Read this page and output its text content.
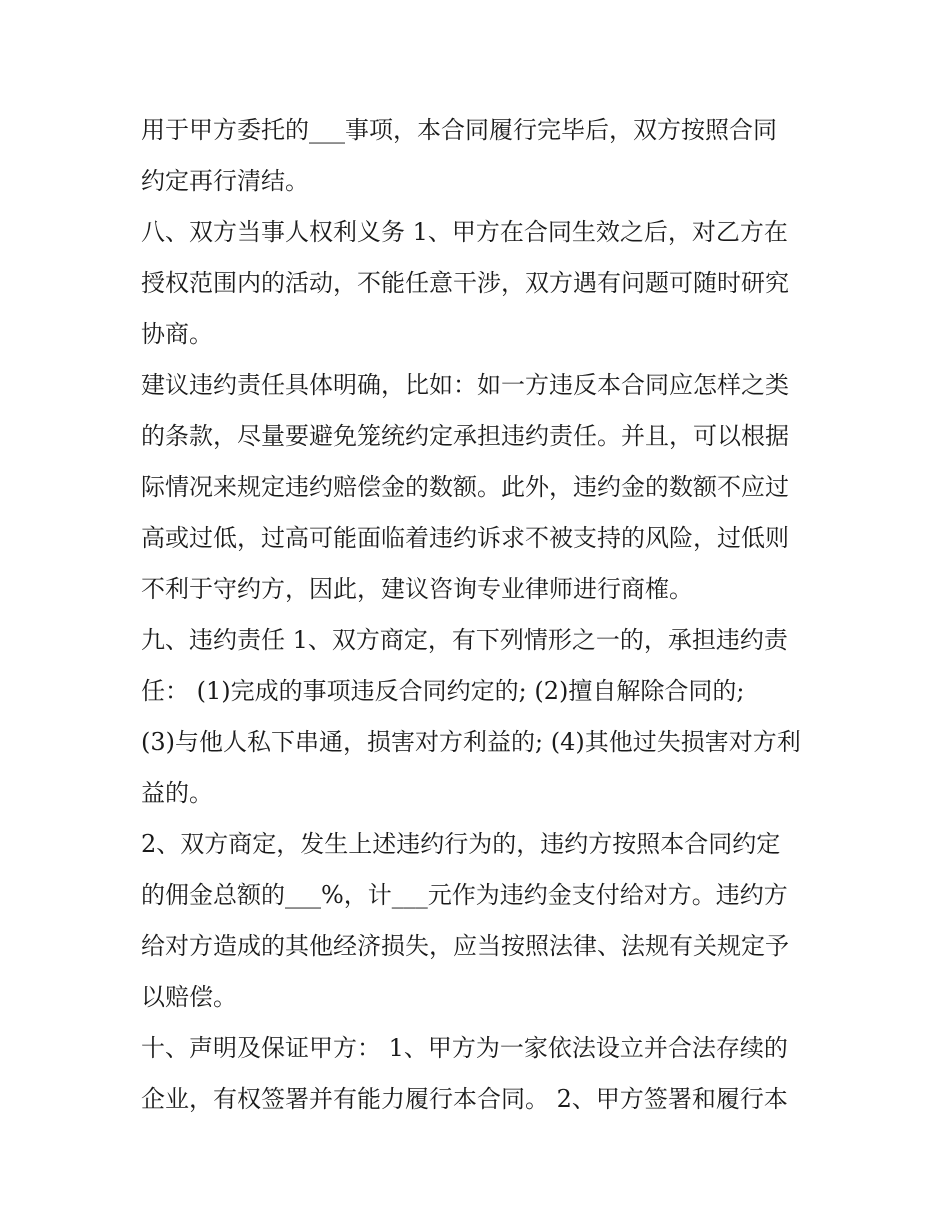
用于甲方委托的___事项，本合同履行完毕后，双方按照合同
约定再行清结。
八、双方当事人权利义务 1、甲方在合同生效之后，对乙方在
授权范围内的活动，不能任意干涉，双方遇有问题可随时研究
协商。
建议违约责任具体明确，比如：如一方违反本合同应怎样之类
的条款，尽量要避免笼统约定承担违约责任。并且，可以根据
际情况来规定违约赔偿金的数额。此外，违约金的数额不应过
高或过低，过高可能面临着违约诉求不被支持的风险，过低则
不利于守约方，因此，建议咨询专业律师进行商榷。
九、违约责任 1、双方商定，有下列情形之一的，承担违约责
任： (1)完成的事项违反合同约定的; (2)擅自解除合同的;
(3)与他人私下串通，损害对方利益的; (4)其他过失损害对方利
益的。
2、双方商定，发生上述违约行为的，违约方按照本合同约定
的佣金总额的___%，计___元作为违约金支付给对方。违约方
给对方造成的其他经济损失，应当按照法律、法规有关规定予
以赔偿。
十、声明及保证甲方： 1、甲方为一家依法设立并合法存续的
企业，有权签署并有能力履行本合同。 2、甲方签署和履行本
